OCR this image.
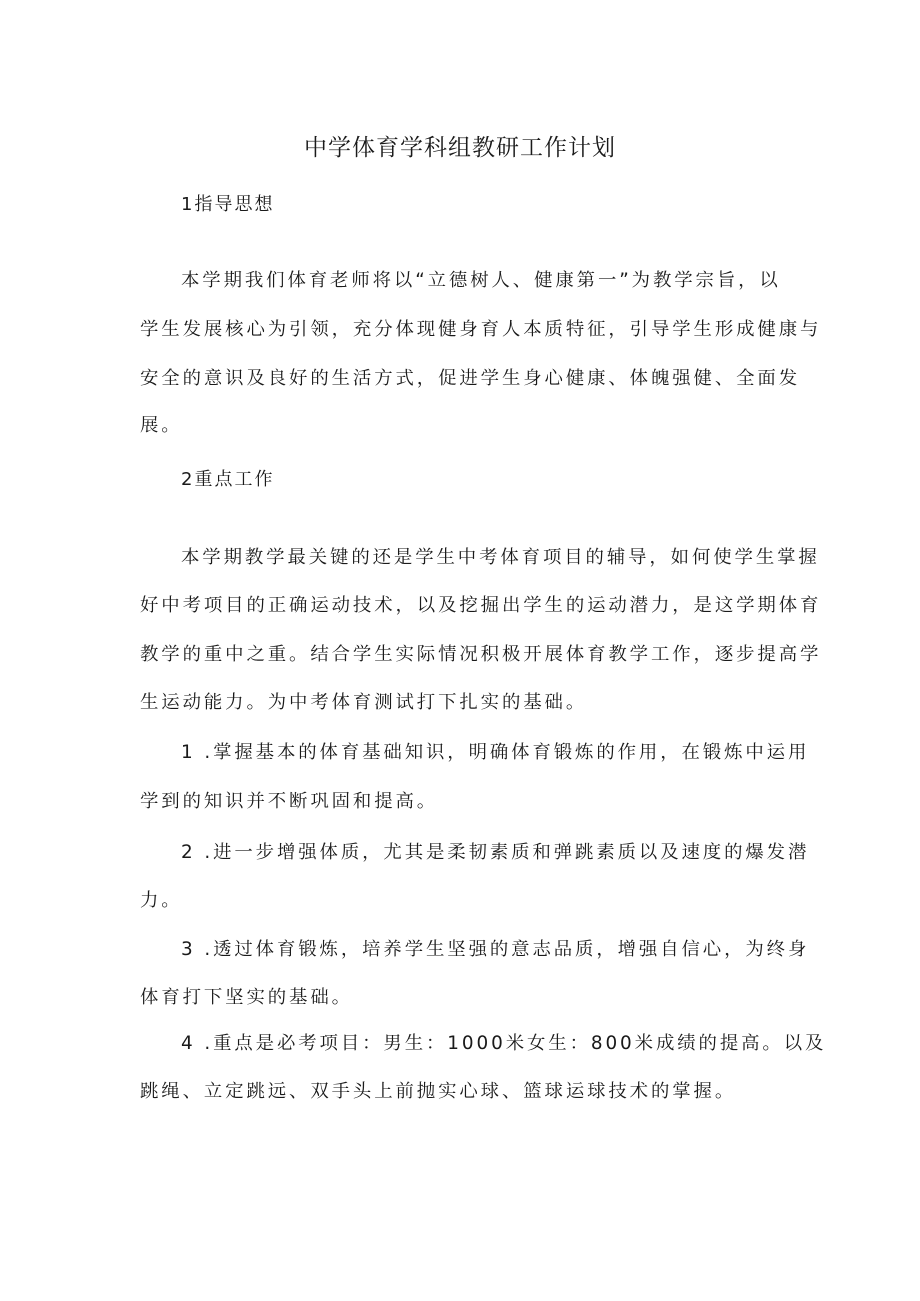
中学体育学科组教研工作计划
1指导思想
本学期我们体育老师将以“立德树人、健康第一”为教学宗旨，以
学生发展核心为引领，充分体现健身育人本质特征，引导学生形成健康与
安全的意识及良好的生活方式，促进学生身心健康、体魄强健、全面发
展。
2重点工作
本学期教学最关键的还是学生中考体育项目的辅导，如何使学生掌握
好中考项目的正确运动技术，以及挖掘出学生的运动潜力，是这学期体育
教学的重中之重。结合学生实际情况积极开展体育教学工作，逐步提高学
生运动能力。为中考体育测试打下扎实的基础。
1 .掌握基本的体育基础知识，明确体育锻炼的作用，在锻炼中运用
学到的知识并不断巩固和提高。
2 .进一步增强体质，尤其是柔韧素质和弹跳素质以及速度的爆发潜
力。
3 .透过体育锻炼，培养学生坚强的意志品质，增强自信心，为终身
体育打下坚实的基础。
4 .重点是必考项目：男生：1000米女生：800米成绩的提高。以及
跳绳、立定跳远、双手头上前抛实心球、篮球运球技术的掌握。
